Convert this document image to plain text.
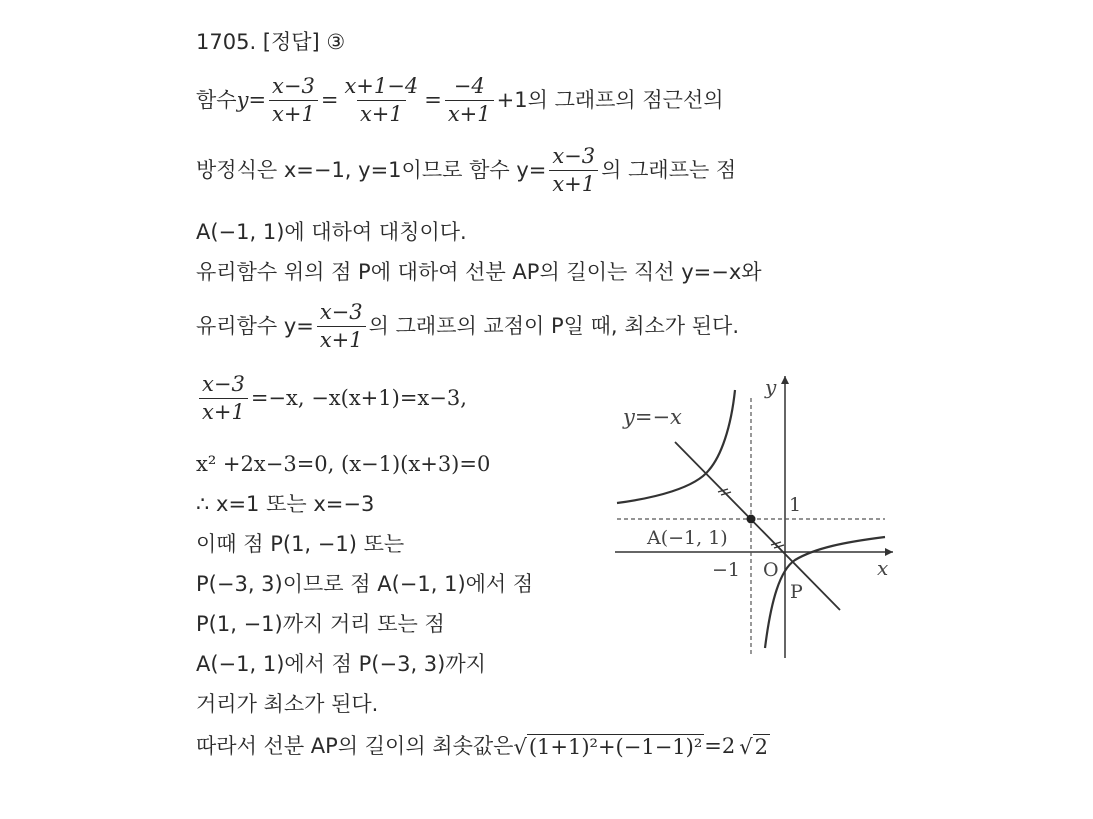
1705. [정답] ③
함수 $y= \frac{x-3}{x+1} = \frac{x+1-4}{x+1} = \frac{-4}{x+1} +1$의 그래프의 점근선의
방정식은 x=−1, y=1이므로 함수 $y= \frac{x-3}{x+1}$ 의 그래프는 점
A(−1, 1)에 대하여 대칭이다.
유리함수 위의 점 P에 대하여 선분 AP의 길이는 직선 y=−x와
유리함수 $y= \frac{x-3}{x+1}$ 의 그래프의 교점이 P일 때, 최소가 된다.
$\frac{x-3}{x+1} =-x$, −x(x+1)=x−3,
x² +2x−3=0, (x−1)(x+3)=0
∴ x=1 또는 x=−3
이때 점 P(1, −1) 또는
P(−3, 3)이므로 점 A(−1, 1)에서 점
P(1, −1)까지 거리 또는 점
A(−1, 1)에서 점 P(−3, 3)까지
거리가 최소가 된다.
따라서 선분 AP의 길이의 최솟값은 √ (1+1)²+(−1−1)² =2 √ 2
y=−x
y
x
O
1
−1
A(−1, 1)
P
